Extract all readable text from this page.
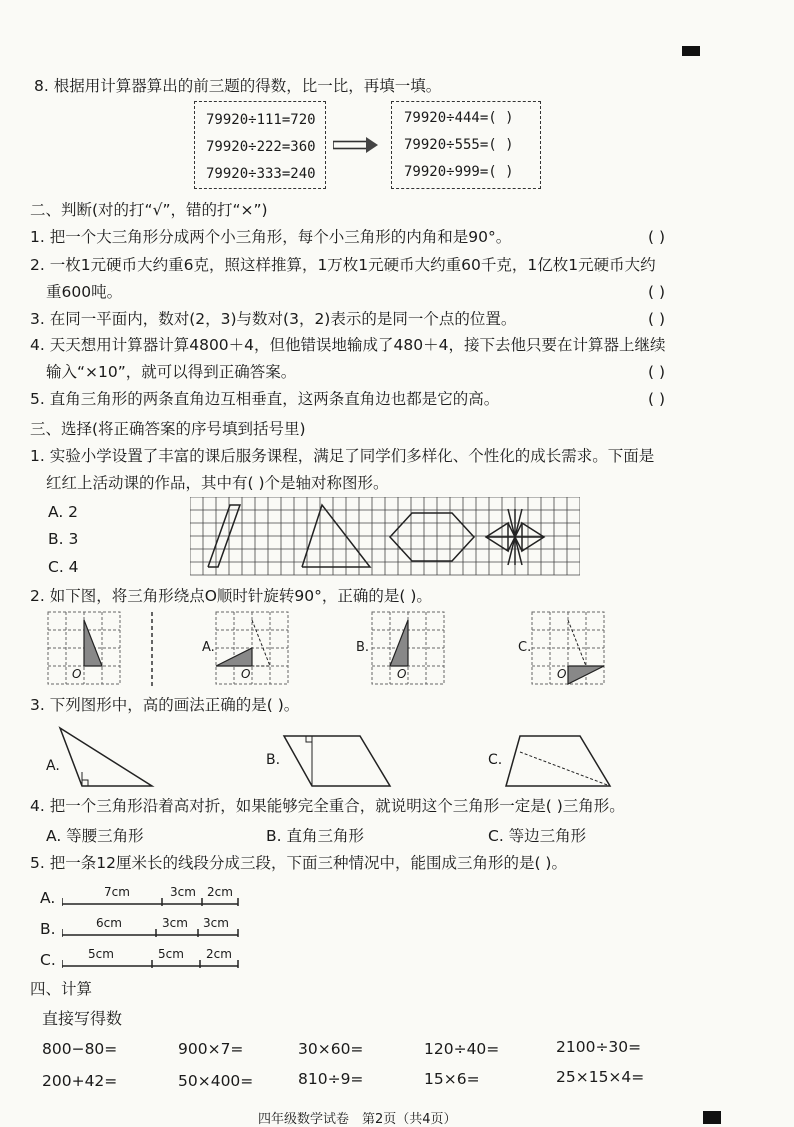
8. 根据用计算器算出的前三题的得数，比一比，再填一填。
79920÷111=720
79920÷222=360
79920÷333=240
79920÷444=( )
79920÷555=( )
79920÷999=( )
二、判断(对的打“√”，错的打“×”)
1. 把一个大三角形分成两个小三角形，每个小三角形的内角和是90°。	( )
2. 一枚1元硬币大约重6克，照这样推算，1万枚1元硬币大约重60千克，1亿枚1元硬币大约
重600吨。	( )
3. 在同一平面内，数对(2，3)与数对(3，2)表示的是同一个点的位置。	( )
4. 天天想用计算器计算4800＋4，但他错误地输成了480＋4，接下去他只要在计算器上继续
输入“×10”，就可以得到正确答案。	( )
5. 直角三角形的两条直角边互相垂直，这两条直角边也都是它的高。	( )
三、选择(将正确答案的序号填到括号里)
1. 实验小学设置了丰富的课后服务课程，满足了同学们多样化、个性化的成长需求。下面是
红红上活动课的作品，其中有( )个是轴对称图形。
A. 2
B. 3
C. 4
2. 如下图，将三角形绕点O顺时针旋转90°，正确的是( )。
O
A.
O
B.
O
C.
O
3. 下列图形中，高的画法正确的是( )。
A.	B.	C.
4. 把一个三角形沿着高对折，如果能够完全重合，就说明这个三角形一定是( )三角形。
A. 等腰三角形	B. 直角三角形	C. 等边三角形
5. 把一条12厘米长的线段分成三段，下面三种情况中，能围成三角形的是( )。
A.	7cm	3cm 2cm
B.	6cm	3cm 3cm
C.	5cm	5cm 2cm
四、计算
直接写得数
800−80=	900×7=	30×60=	120÷40=	2100÷30=
200+42=	50×400=	810÷9=	15×6=	25×15×4=
四年级数学试卷　第2页（共4页）
